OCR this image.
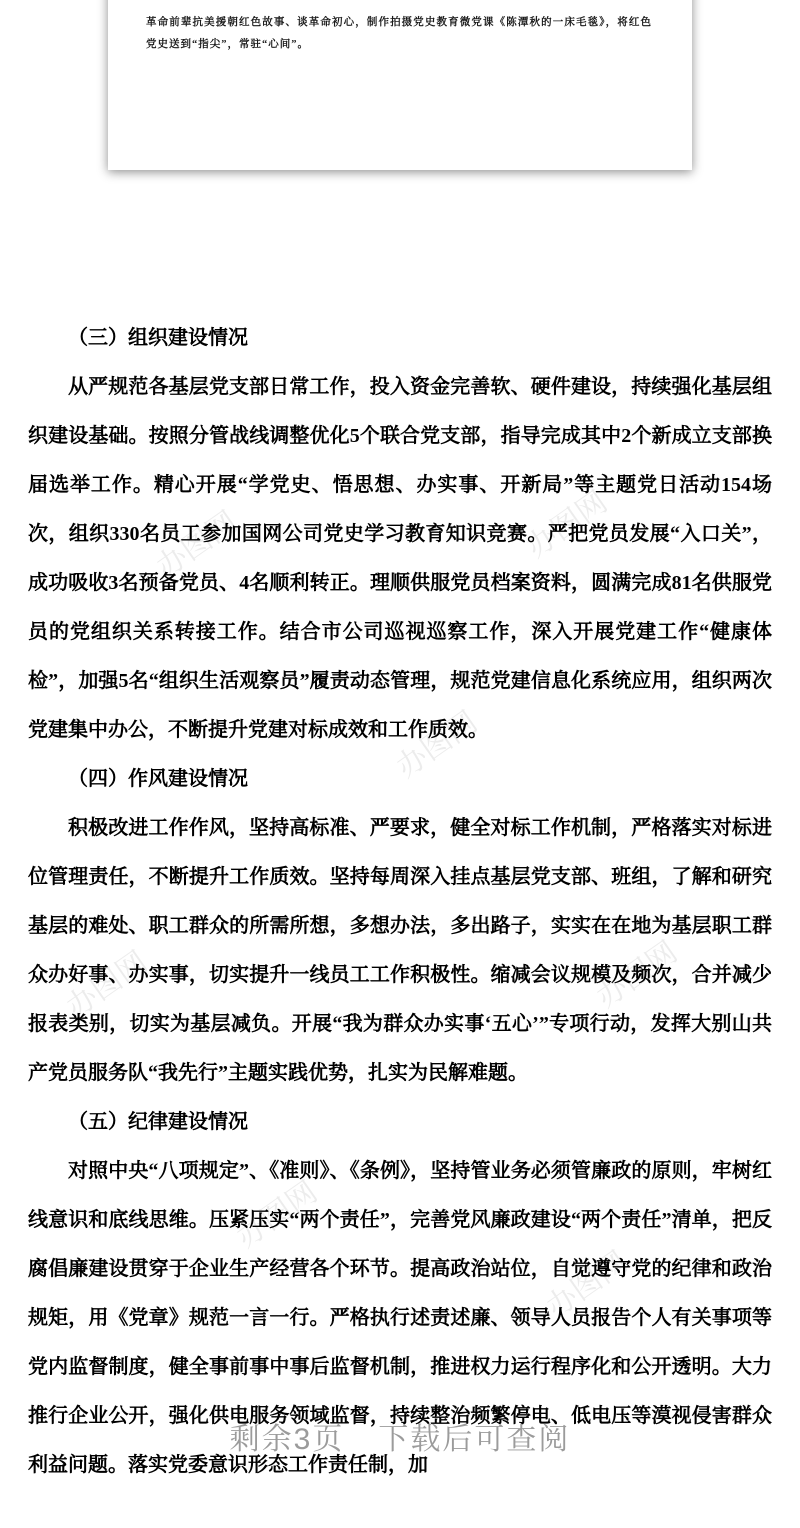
办图网
办图网
办图网
办图网
办图网
办图网
办图网

革命前辈抗美援朝红色故事、谈革命初心，制作拍摄党史教育微党课《陈潭秋的一床毛毯》，将红色党史送到“指尖”，常驻“心间”。

（三）组织建设情况

从严规范各基层党支部日常工作，投入资金完善软、硬件建设，持续强化基层组织建设基础。按照分管战线调整优化5个联合党支部，指导完成其中2个新成立支部换届选举工作。精心开展“学党史、悟思想、办实事、开新局”等主题党日活动154场次，组织330名员工参加国网公司党史学习教育知识竞赛。严把党员发展“入口关”，成功吸收3名预备党员、4名顺利转正。理顺供服党员档案资料，圆满完成81名供服党员的党组织关系转接工作。结合市公司巡视巡察工作，深入开展党建工作“健康体检”，加强5名“组织生活观察员”履责动态管理，规范党建信息化系统应用，组织两次党建集中办公，不断提升党建对标成效和工作质效。

（四）作风建设情况

积极改进工作作风，坚持高标准、严要求，健全对标工作机制，严格落实对标进位管理责任，不断提升工作质效。坚持每周深入挂点基层党支部、班组，了解和研究基层的难处、职工群众的所需所想，多想办法，多出路子，实实在在地为基层职工群众办好事、办实事，切实提升一线员工工作积极性。缩减会议规模及频次，合并减少报表类别，切实为基层减负。开展“我为群众办实事‘五心’”专项行动，发挥大别山共产党员服务队“我先行”主题实践优势，扎实为民解难题。

（五）纪律建设情况

对照中央“八项规定”、《准则》、《条例》，坚持管业务必须管廉政的原则，牢树红线意识和底线思维。压紧压实“两个责任”，完善党风廉政建设“两个责任”清单，把反腐倡廉建设贯穿于企业生产经营各个环节。提高政治站位，自觉遵守党的纪律和政治规矩，用《党章》规范一言一行。严格执行述责述廉、领导人员报告个人有关事项等党内监督制度，健全事前事中事后监督机制，推进权力运行程序化和公开透明。大力推行企业公开，强化供电服务领域监督，持续整治频繁停电、低电压等漠视侵害群众利益问题。落实党委意识形态工作责任制，加

剩余3页 下载后可查阅
